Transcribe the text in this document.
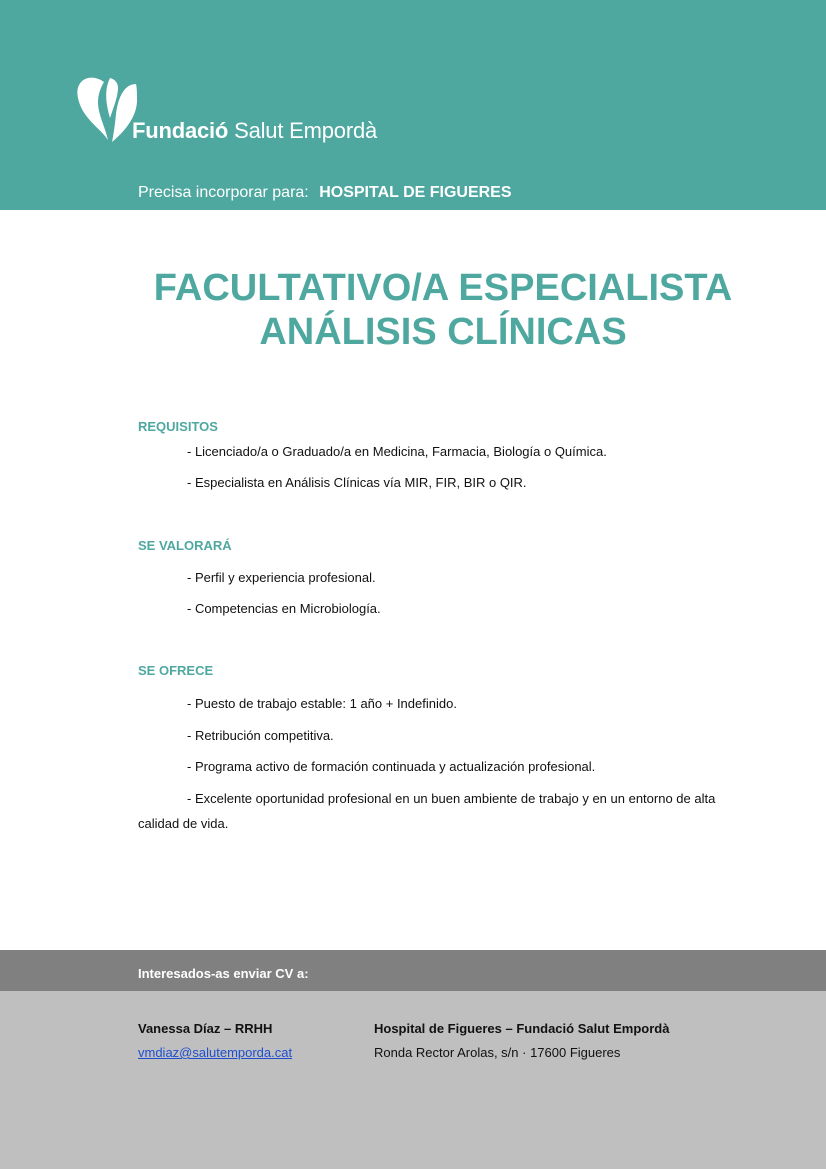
Fundació Salut Empordà
Precisa incorporar para: HOSPITAL DE FIGUERES
FACULTATIVO/A ESPECIALISTA
ANÁLISIS CLÍNICAS
REQUISITOS
- Licenciado/a o Graduado/a en Medicina, Farmacia, Biología o Química.
- Especialista en Análisis Clínicas vía MIR, FIR, BIR o QIR.
SE VALORARÁ
- Perfil y experiencia profesional.
- Competencias en Microbiología.
SE OFRECE
- Puesto de trabajo estable: 1 año + Indefinido.
- Retribución competitiva.
- Programa activo de formación continuada y actualización profesional.
- Excelente oportunidad profesional en un buen ambiente de trabajo y en un entorno de alta calidad de vida.
Interesados-as enviar CV a:
Vanessa Díaz – RRHH
vmdiaz@salutemporda.cat
Hospital de Figueres – Fundació Salut Empordà
Ronda Rector Arolas, s/n · 17600 Figueres
